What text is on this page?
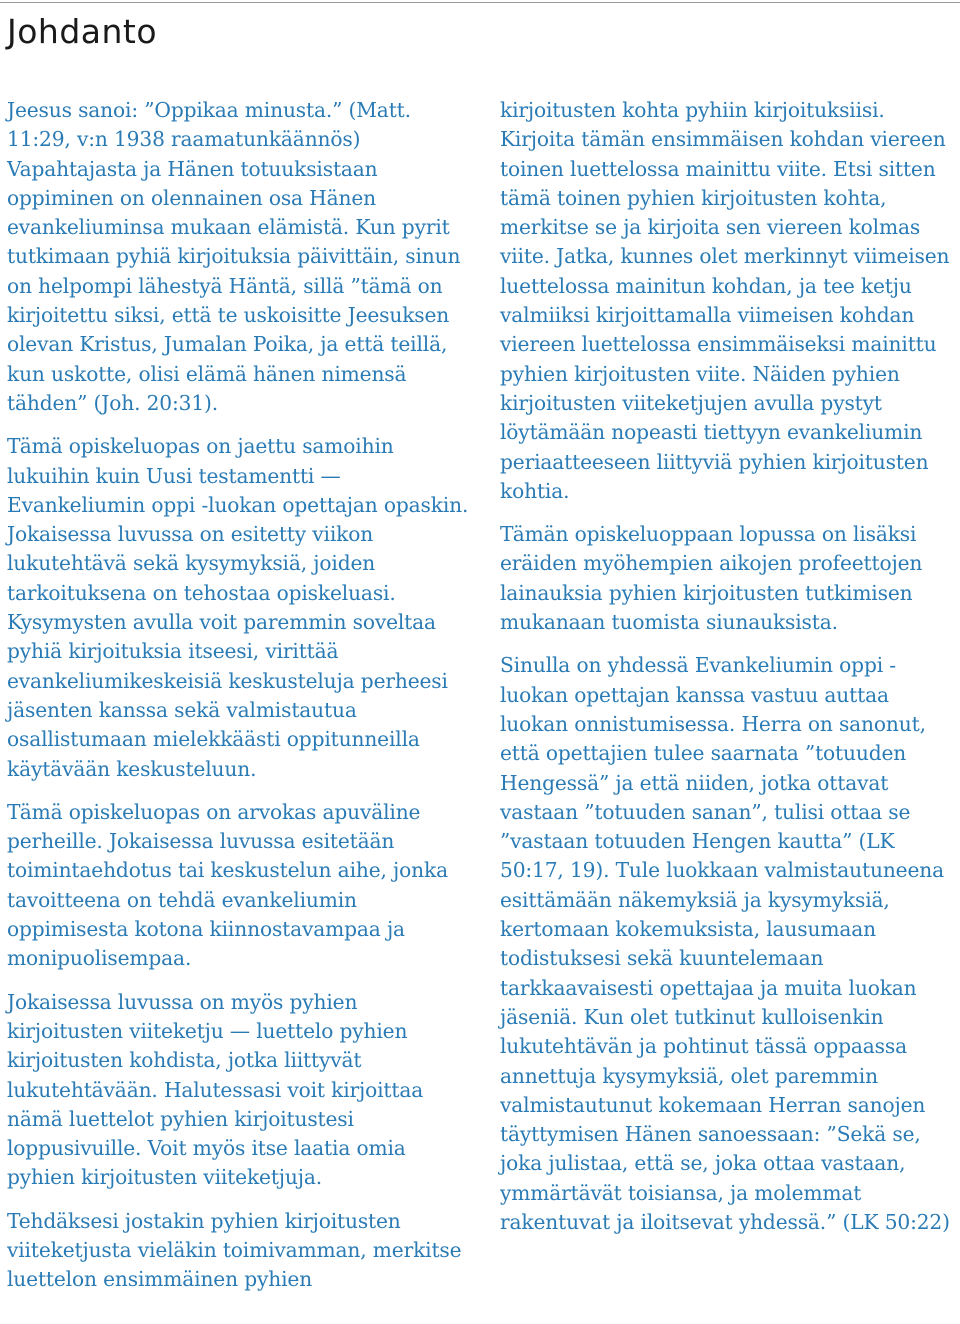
Johdanto

Jeesus sanoi: ”Oppikaa minusta.” (Matt. 11:29, v:n 1938 raamatunkäännös) Vapahtajasta ja Hänen totuuksistaan oppiminen on olennainen osa Hänen evankeliuminsa mukaan elämistä. Kun pyrit tutkimaan pyhiä kirjoituksia päivittäin, sinun on helpompi lähestyä Häntä, sillä ”tämä on kirjoitettu siksi, että te uskoisitte Jeesuksen olevan Kristus, Jumalan Poika, ja että teillä, kun uskotte, olisi elämä hänen nimensä tähden” (Joh. 20:31).

Tämä opiskeluopas on jaettu samoihin lukuihin kuin Uusi testamentti — Evankeliumin oppi -luokan opettajan opaskin. Jokaisessa luvussa on esitetty viikon lukutehtävä sekä kysymyksiä, joiden tarkoituksena on tehostaa opiskeluasi. Kysymysten avulla voit paremmin soveltaa pyhiä kirjoituksia itseesi, virittää evankeliumikeskeisiä keskusteluja perheesi jäsenten kanssa sekä valmistautua osallistumaan mielekkäästi oppitunneilla käytävään keskusteluun.

Tämä opiskeluopas on arvokas apuväline perheille. Jokaisessa luvussa esitetään toimintaehdotus tai keskustelun aihe, jonka tavoitteena on tehdä evankeliumin oppimisesta kotona kiinnostavampaa ja monipuolisempaa.

Jokaisessa luvussa on myös pyhien kirjoitusten viiteketju — luettelo pyhien kirjoitusten kohdista, jotka liittyvät lukutehtävään. Halutessasi voit kirjoittaa nämä luettelot pyhien kirjoitustesi loppusivuille. Voit myös itse laatia omia pyhien kirjoitusten viiteketjuja.

Tehdäksesi jostakin pyhien kirjoitusten viiteketjusta vieläkin toimivamman, merkitse luettelon ensimmäinen pyhien

kirjoitusten kohta pyhiin kirjoituksiisi. Kirjoita tämän ensimmäisen kohdan viereen toinen luettelossa mainittu viite. Etsi sitten tämä toinen pyhien kirjoitusten kohta, merkitse se ja kirjoita sen viereen kolmas viite. Jatka, kunnes olet merkinnyt viimeisen luettelossa mainitun kohdan, ja tee ketju valmiiksi kirjoittamalla viimeisen kohdan viereen luettelossa ensimmäiseksi mainittu pyhien kirjoitusten viite. Näiden pyhien kirjoitusten viiteketjujen avulla pystyt löytämään nopeasti tiettyyn evankeliumin periaatteeseen liittyviä pyhien kirjoitusten kohtia.

Tämän opiskeluoppaan lopussa on lisäksi eräiden myöhempien aikojen profeettojen lainauksia pyhien kirjoitusten tutkimisen mukanaan tuomista siunauksista.

Sinulla on yhdessä Evankeliumin oppi -luokan opettajan kanssa vastuu auttaa luokan onnistumisessa. Herra on sanonut, että opettajien tulee saarnata ”totuuden Hengessä” ja että niiden, jotka ottavat vastaan ”totuuden sanan”, tulisi ottaa se ”vastaan totuuden Hengen kautta” (LK 50:17, 19). Tule luokkaan valmistautuneena esittämään näkemyksiä ja kysymyksiä, kertomaan kokemuksista, lausumaan todistuksesi sekä kuuntelemaan tarkkaavaisesti opettajaa ja muita luokan jäseniä. Kun olet tutkinut kulloisenkin lukutehtävän ja pohtinut tässä oppaassa annettuja kysymyksiä, olet paremmin valmistautunut kokemaan Herran sanojen täyttymisen Hänen sanoessaan: ”Sekä se, joka julistaa, että se, joka ottaa vastaan, ymmärtävät toisiansa, ja molemmat rakentuvat ja iloitsevat yhdessä.” (LK 50:22)
